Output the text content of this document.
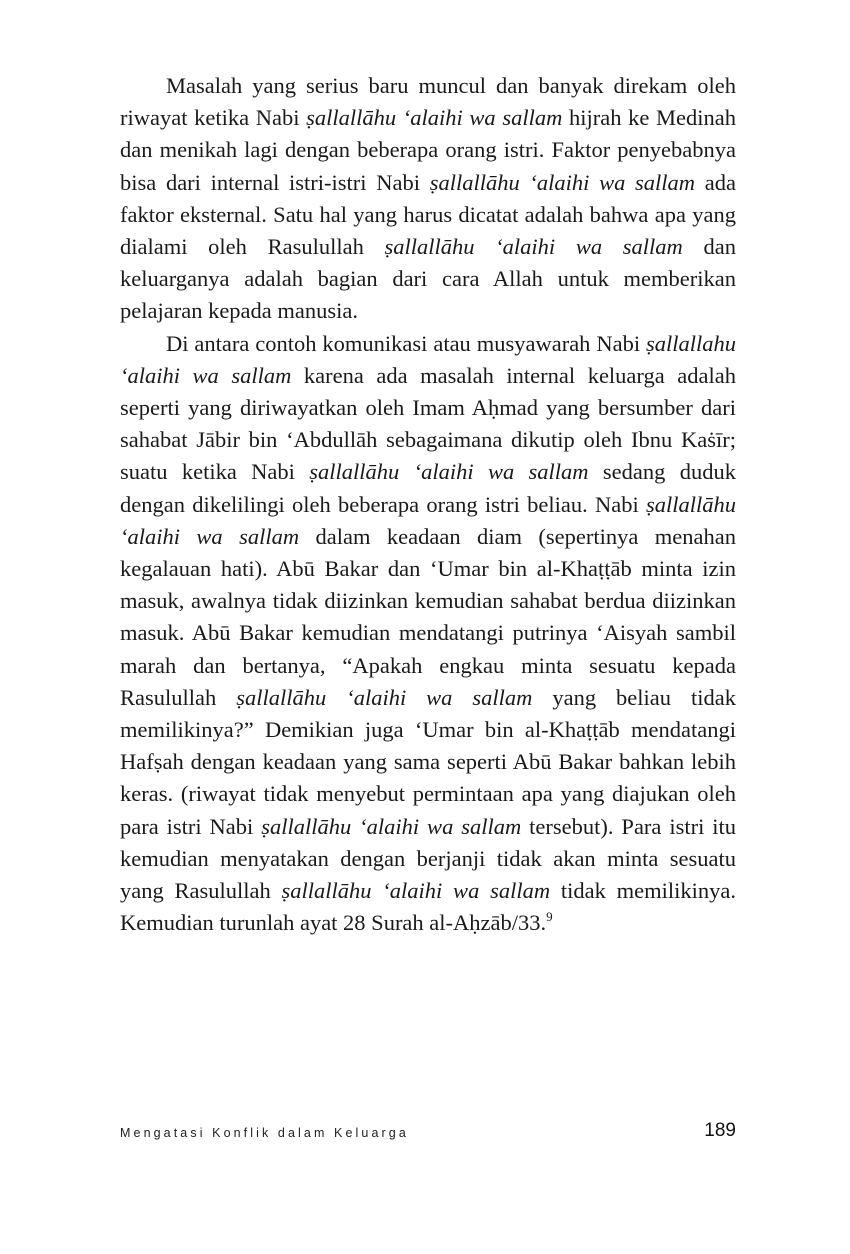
Masalah yang serius baru muncul dan banyak direkam oleh riwayat ketika Nabi ṣallallāhu ‘alaihi wa sallam hijrah ke Medinah dan menikah lagi dengan beberapa orang istri. Faktor penyebabnya bisa dari internal istri-istri Nabi ṣallallāhu ‘alaihi wa sallam ada faktor eksternal. Satu hal yang harus dicatat adalah bahwa apa yang dialami oleh Rasulullah ṣallallāhu ‘alaihi wa sallam dan keluarganya adalah bagian dari cara Allah untuk memberikan pelajaran kepada manusia.

Di antara contoh komunikasi atau musyawarah Nabi ṣallallahu ‘alaihi wa sallam karena ada masalah internal keluarga adalah seperti yang diriwayatkan oleh Imam Aḥmad yang bersumber dari sahabat Jābir bin ‘Abdullāh sebagaimana dikutip oleh Ibnu Kaṡīr; suatu ketika Nabi ṣallallāhu ‘alaihi wa sallam sedang duduk dengan dikelilingi oleh beberapa orang istri beliau. Nabi ṣallallāhu ‘alaihi wa sallam dalam keadaan diam (sepertinya menahan kegalauan hati). Abū Bakar dan ‘Umar bin al-Khaṭṭāb minta izin masuk, awalnya tidak diizinkan kemudian sahabat berdua diizinkan masuk. Abū Bakar kemudian mendatangi putrinya ‘Aisyah sambil marah dan bertanya, “Apakah engkau minta sesuatu kepada Rasulullah ṣallallāhu ‘alaihi wa sallam yang beliau tidak memilikinya?” Demikian juga ‘Umar bin al-Khaṭṭāb mendatangi Hafṣah dengan keadaan yang sama seperti Abū Bakar bahkan lebih keras. (riwayat tidak menyebut permintaan apa yang diajukan oleh para istri Nabi ṣallallāhu ‘alaihi wa sallam tersebut). Para istri itu kemudian menyatakan dengan berjanji tidak akan minta sesuatu yang Rasulullah ṣallallāhu ‘alaihi wa sallam tidak memilikinya. Kemudian turunlah ayat 28 Surah al-Aḥzāb/33.$^9$

Mengatasi Konflik dalam Keluarga	189
